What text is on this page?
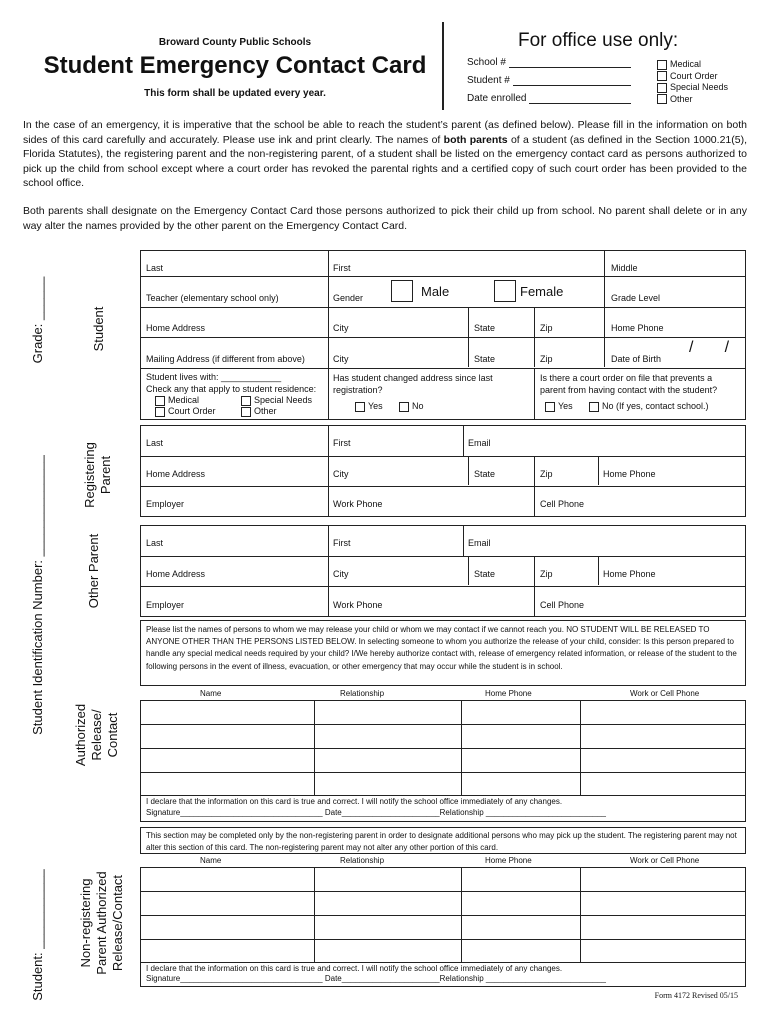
Broward County Public Schools
Student Emergency Contact Card
This form shall be updated every year.
For office use only:
School #
Student #
Date enrolled
Medical
Court Order
Special Needs
Other
In the case of an emergency, it is imperative that the school be able to reach the student’s parent (as defined below). Please fill in the information on both sides of this card carefully and accurately. Please use ink and print clearly. The names of both parents of a student (as defined in the Section 1000.21(5), Florida Statutes), the registering parent and the non-registering parent, of a student shall be listed on the emergency contact card as persons authorized to pick up the child from school except where a court order has revoked the parental rights and a certified copy of such court order has been provided to the school office.
Both parents shall designate on the Emergency Contact Card those persons authorized to pick their child up from school. No parent shall delete or in any way alter the names provided by the other parent on the Emergency Contact Card.
Grade: ______
Student Identification Number: ______________
Student: ___________
Student
Registering
Parent
Other Parent
Authorized
Release/
Contact
Non-registering
Parent Authorized
Release/Contact
Last	First	Middle
Teacher (elementary school only)	Gender	Male	Female	Grade Level
Home Address	City	State	Zip	Home Phone
Mailing Address (if different from above)	City	State	Zip	Date of Birth
/       /
Student lives with: ____________
Check any that apply to student residence:
Medical	Special Needs
Court Order	Other
Has student changed address since last registration?
Yes	No
Is there a court order on file that prevents a parent from having contact with the student?
Yes	No (If yes, contact school.)
Last	First	Email
Home Address	City	State	Zip	Home Phone
Employer	Work Phone	Cell Phone
Last	First	Email
Home Address	City	State	Zip	Home Phone
Employer	Work Phone	Cell Phone
Please list the names of persons to whom we may release your child or whom we may contact if we cannot reach you. NO STUDENT WILL BE RELEASED TO ANYONE OTHER THAN THE PERSONS LISTED BELOW. In selecting someone to whom you authorize the release of your child, consider: Is this person prepared to handle any special medical needs required by your child? I/We hereby authorize contact with, release of emergency related information, or release of the student to the following persons in the event of illness, evacuation, or other emergency that may occur while the student is in school.
Name	Relationship	Home Phone	Work or Cell Phone
I declare that the information on this card is true and correct. I will notify the school office immediately of any changes.
Signature________________________________ Date______________________Relationship ___________________________
This section may be completed only by the non-registering parent in order to designate additional persons who may pick up the student. The registering parent may not alter this section of this card. The non-registering parent may not alter any other portion of this card.
Name	Relationship	Home Phone	Work or Cell Phone
I declare that the information on this card is true and correct. I will notify the school office immediately of any changes.
Signature________________________________ Date______________________Relationship ___________________________
Form 4172 Revised 05/15
